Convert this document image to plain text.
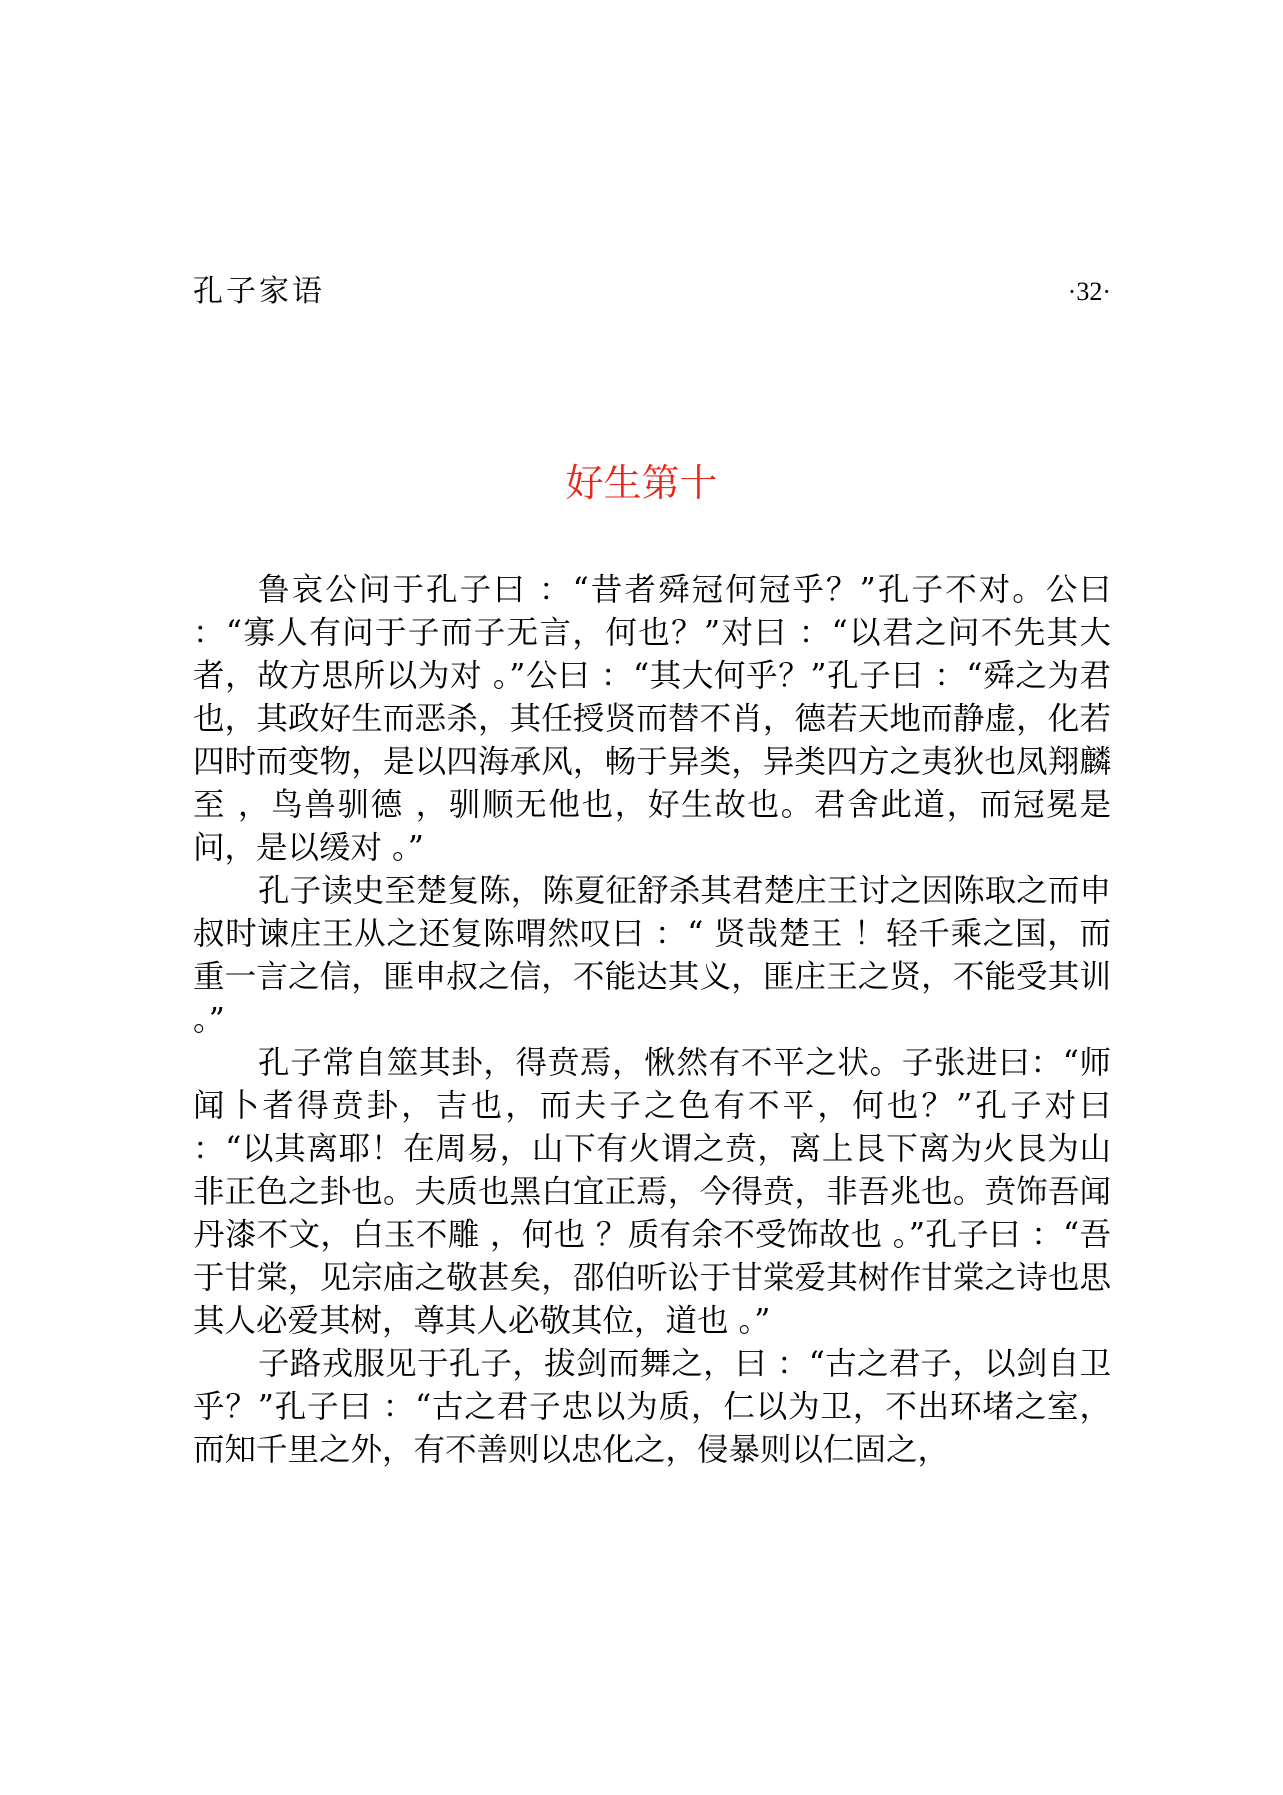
孔子家语	·32·
好生第十

鲁哀公问于孔子曰 ：“昔者舜冠何冠乎？”孔子不对。公曰 ：“寡人有问于子而子无言，何也？”对曰 ：“以君之问不先其大者，故方思所以为对 。”公曰 ：“其大何乎？”孔子曰 ：“舜之为君也，其政好生而恶杀，其任授贤而替不肖，德若天地而静虚，化若四时而变物，是以四海承风，畅于异类，异类四方之夷狄也凤翔麟至 ，鸟兽驯德 ，驯顺无他也，好生故也。君舍此道，而冠冕是问，是以缓对 。”

孔子读史至楚复陈，陈夏征舒杀其君楚庄王讨之因陈取之而申叔时谏庄王从之还复陈喟然叹曰 ：“ 贤哉楚王 ！轻千乘之国，而重一言之信，匪申叔之信，不能达其义，匪庄王之贤，不能受其训 。”

孔子常自筮其卦，得贲焉，愀然有不平之状。子张进曰：“师闻卜者得贲卦，吉也，而夫子之色有不平，何也？”孔子对曰 ：“以其离耶！在周易，山下有火谓之贲，离上艮下离为火艮为山非正色之卦也。夫质也黑白宜正焉，今得贲，非吾兆也。贲饰吾闻丹漆不文，白玉不雕 ，何也 ？质有余不受饰故也 。”孔子曰 ：“吾于甘棠，见宗庙之敬甚矣，邵伯听讼于甘棠爱其树作甘棠之诗也思其人必爱其树，尊其人必敬其位，道也 。”

子路戎服见于孔子，拔剑而舞之，曰 ：“古之君子，以剑自卫乎？”孔子曰 ：“古之君子忠以为质，仁以为卫，不出环堵之室，而知千里之外，有不善则以忠化之，侵暴则以仁固之，
